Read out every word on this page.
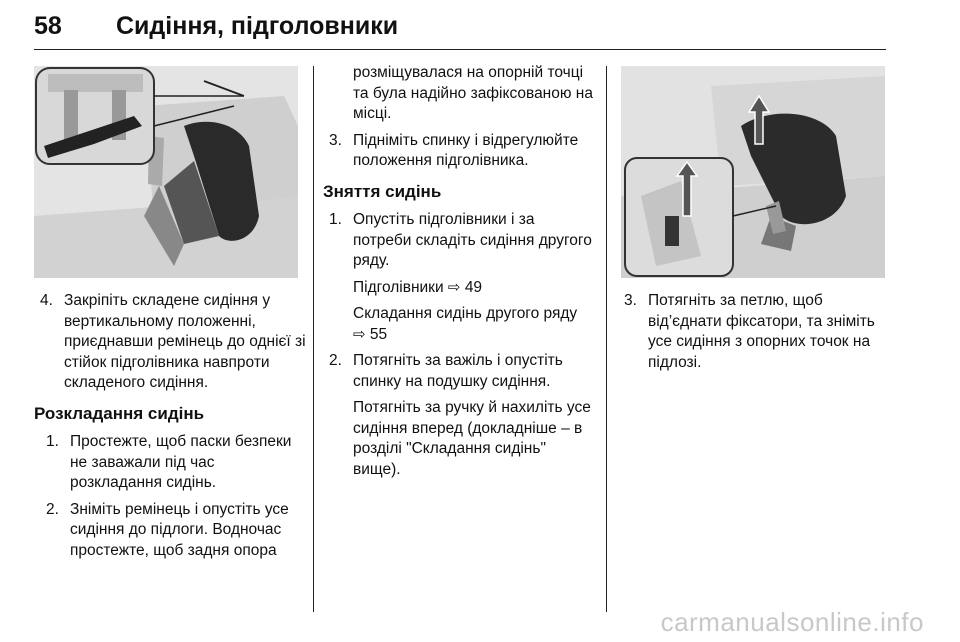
58 Сидіння, підголовники
4. Закріпіть складене сидіння у вертикальному положенні, приєднавши ремінець до однієї зі стійок підголівника навпроти складеного сидіння.

Розкладання сидінь
1. Простежте, щоб паски безпеки не заважали під час розкладання сидінь.

2. Зніміть ремінець і опустіть усе сидіння до підлоги. Водночас простежте, щоб задня опора

розміщувалася на опорній точці та була надійно зафіксованою на місці.
3. Підніміть спинку і відрегулюйте положення підголівника.

Зняття сидінь
1. Опустіть підголівники і за потреби складіть сидіння другого ряду.

Підголівники ⇨ 49

Складання сидінь другого ряду
⇨ 55

2. Потягніть за важіль і опустіть спинку на подушку сидіння.

Потягніть за ручку й нахиліть усе сидіння вперед (докладніше – в розділі "Складання сидінь" вище).

3. Потягніть за петлю, щоб від’єднати фіксатори, та зніміть усе сидіння з опорних точок на підлозі.

carmanualsonline.info
